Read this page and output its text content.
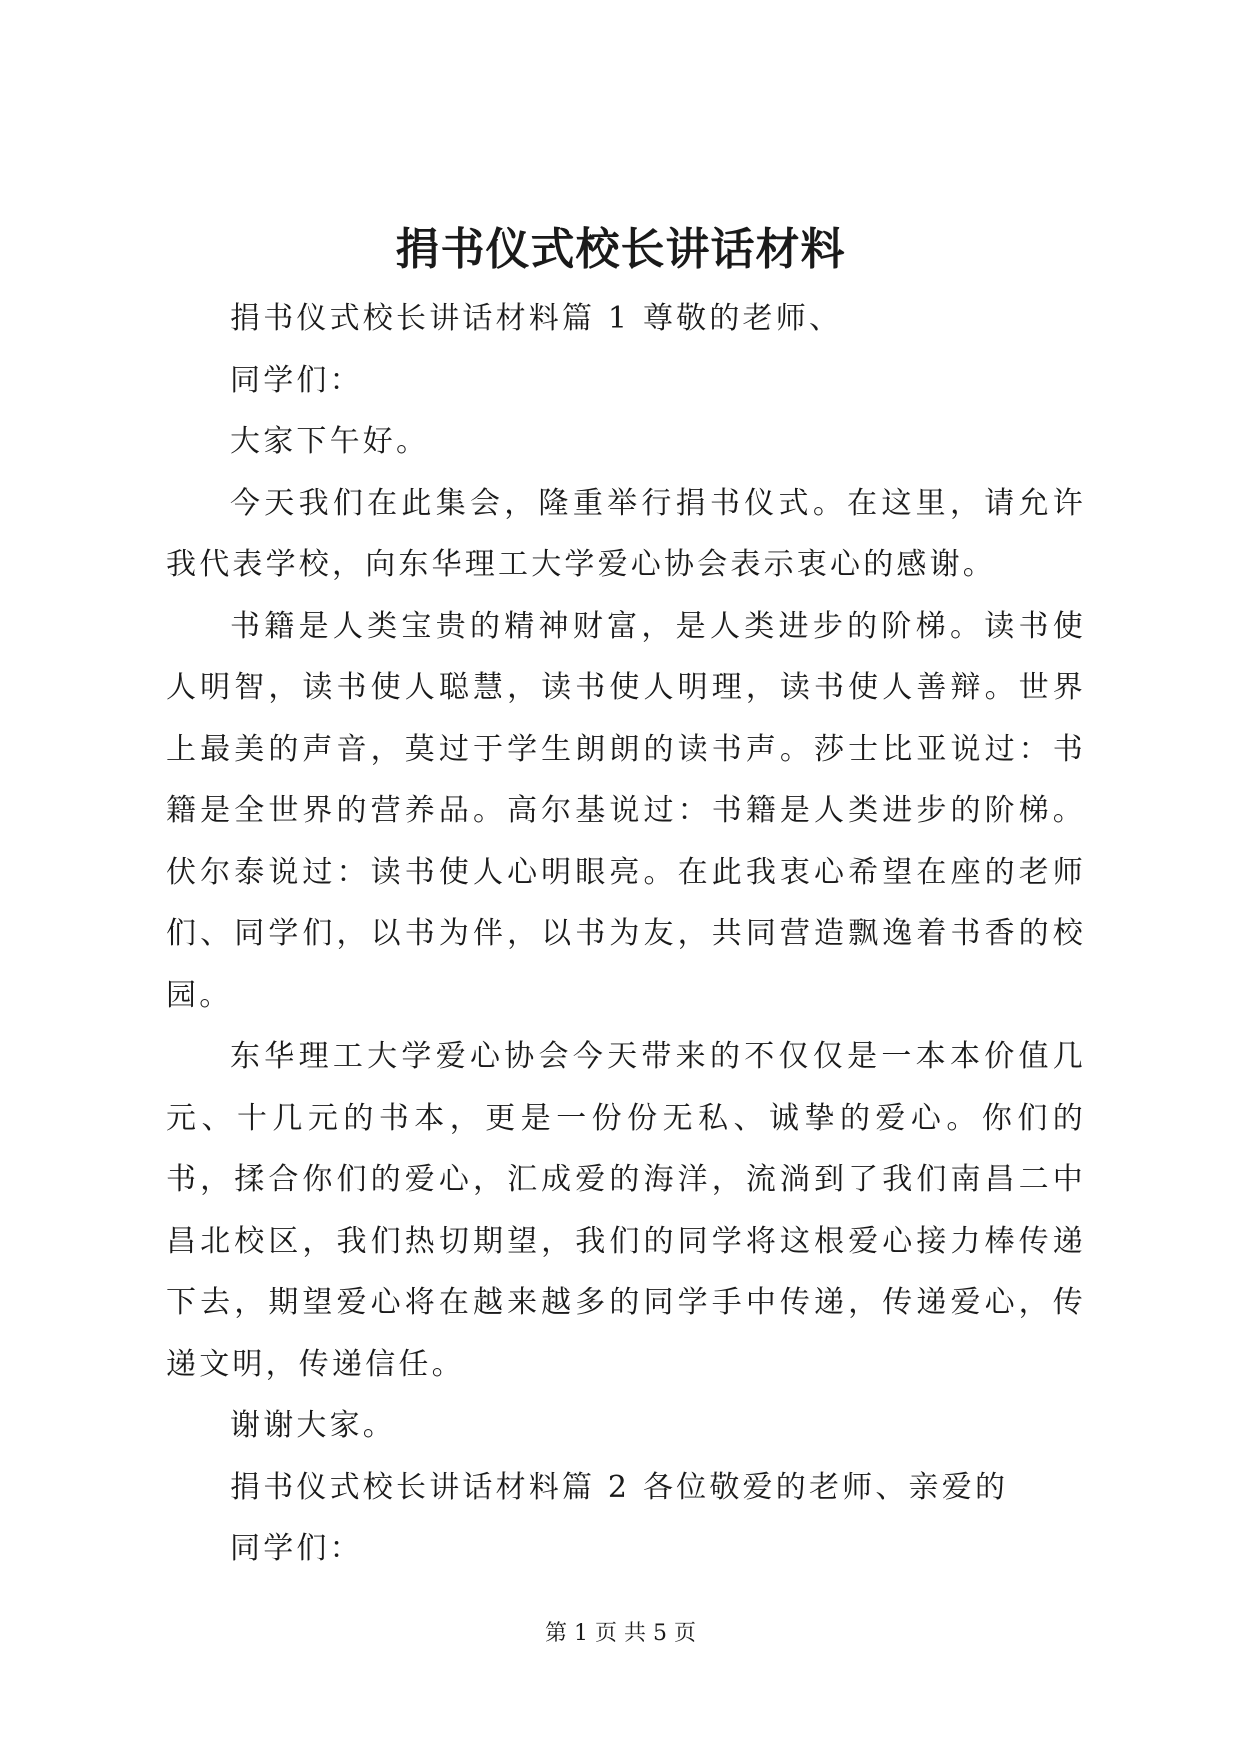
捐书仪式校长讲话材料

捐书仪式校长讲话材料篇 1 尊敬的老师、

同学们：

大家下午好。

今天我们在此集会，隆重举行捐书仪式。在这里，请允许我代表学校，向东华理工大学爱心协会表示衷心的感谢。

书籍是人类宝贵的精神财富，是人类进步的阶梯。读书使人明智，读书使人聪慧，读书使人明理，读书使人善辩。世界上最美的声音，莫过于学生朗朗的读书声。莎士比亚说过：书籍是全世界的营养品。高尔基说过：书籍是人类进步的阶梯。伏尔泰说过：读书使人心明眼亮。在此我衷心希望在座的老师们、同学们，以书为伴，以书为友，共同营造飘逸着书香的校园。

东华理工大学爱心协会今天带来的不仅仅是一本本价值几元、十几元的书本，更是一份份无私、诚挚的爱心。你们的书，揉合你们的爱心，汇成爱的海洋，流淌到了我们南昌二中昌北校区，我们热切期望，我们的同学将这根爱心接力棒传递下去，期望爱心将在越来越多的同学手中传递，传递爱心，传递文明，传递信任。

谢谢大家。

捐书仪式校长讲话材料篇 2 各位敬爱的老师、亲爱的

同学们：

第 1 页 共 5 页
